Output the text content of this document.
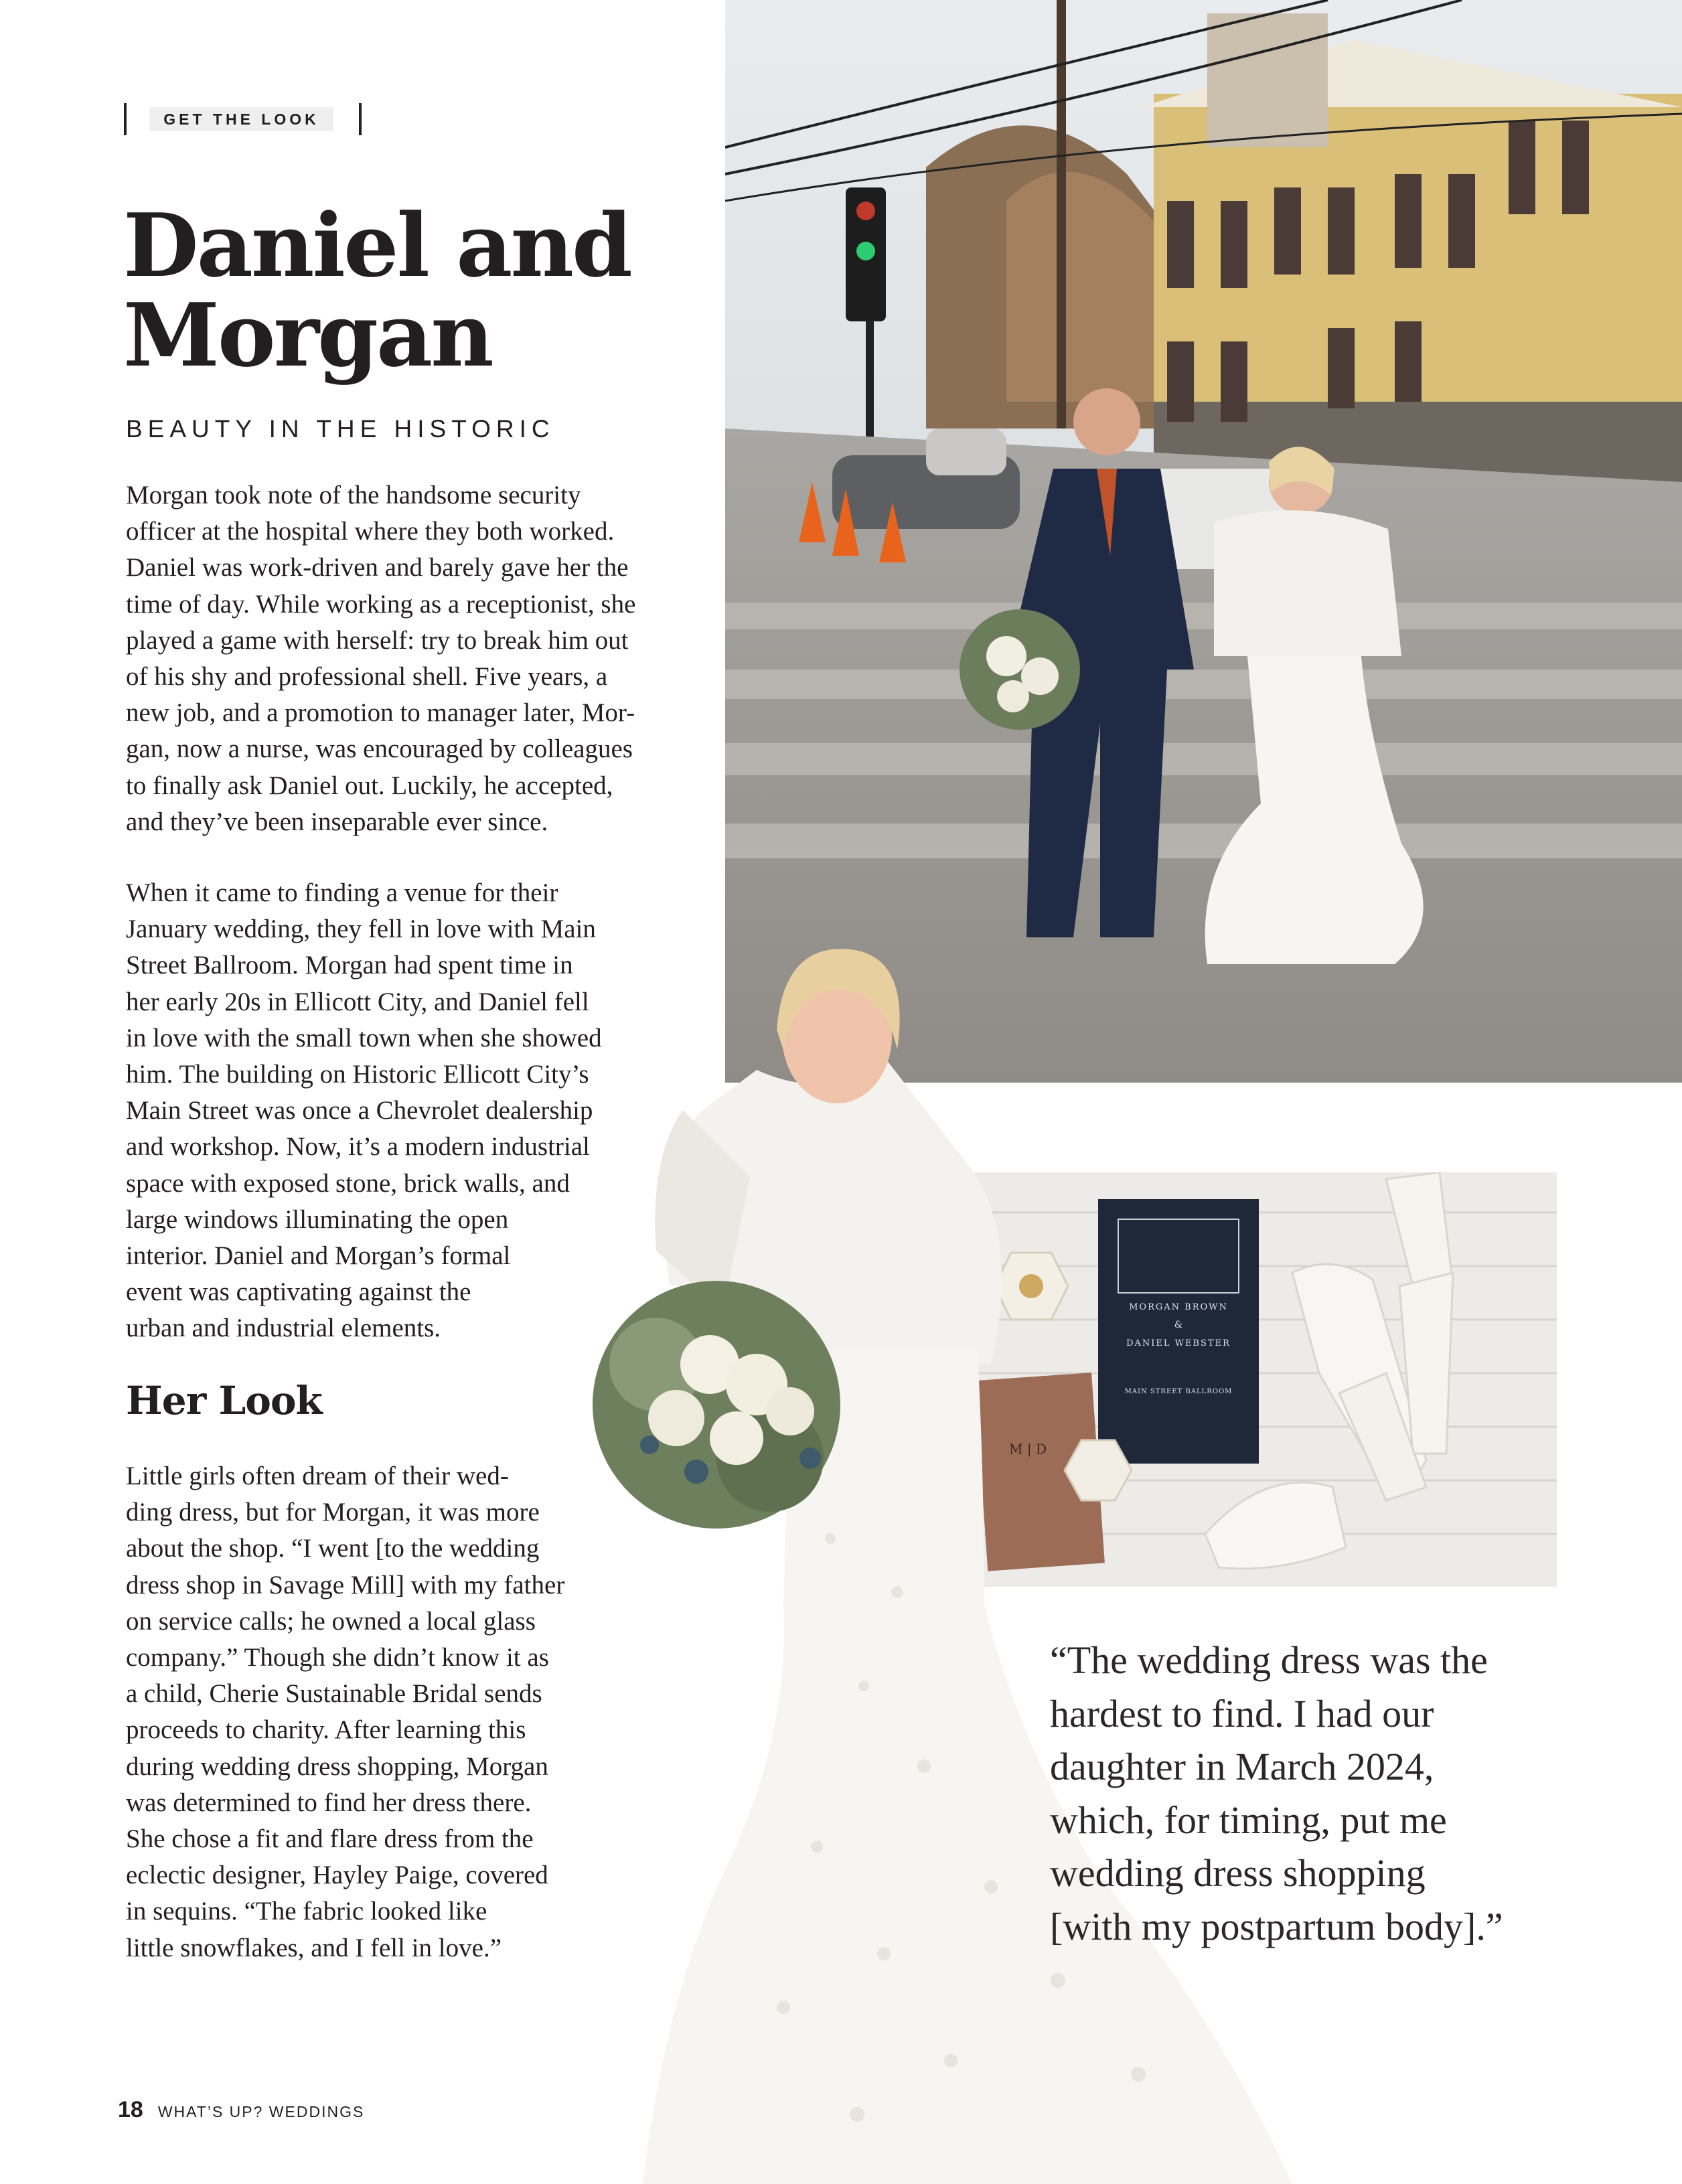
GET THE LOOK
Daniel and Morgan
BEAUTY IN THE HISTORIC

Morgan took note of the handsome security
officer at the hospital where they both worked.
Daniel was work-driven and barely gave her the
time of day. While working as a receptionist, she
played a game with herself: try to break him out
of his shy and professional shell. Five years, a
new job, and a promotion to manager later, Mor-
gan, now a nurse, was encouraged by colleagues
to finally ask Daniel out. Luckily, he accepted,
and they’ve been inseparable ever since.

When it came to finding a venue for their
January wedding, they fell in love with Main
Street Ballroom. Morgan had spent time in
her early 20s in Ellicott City, and Daniel fell
in love with the small town when she showed
him. The building on Historic Ellicott City’s
Main Street was once a Chevrolet dealership
and workshop. Now, it’s a modern industrial
space with exposed stone, brick walls, and
large windows illuminating the open
interior. Daniel and Morgan’s formal
event was captivating against the
urban and industrial elements.

Her Look

Little girls often dream of their wed-
ding dress, but for Morgan, it was more
about the shop. “I went [to the wedding
dress shop in Savage Mill] with my father
on service calls; he owned a local glass
company.” Though she didn’t know it as
a child, Cherie Sustainable Bridal sends
proceeds to charity. After learning this
during wedding dress shopping, Morgan
was determined to find her dress there.
She chose a fit and flare dress from the
eclectic designer, Hayley Paige, covered
in sequins. “The fabric looked like
little snowflakes, and I fell in love.”

MORGAN BROWN
&
DANIEL WEBSTER
MAIN STREET BALLROOM
M | D

“The wedding dress was the
hardest to find. I had our
daughter in March 2024,
which, for timing, put me
wedding dress shopping
[with my postpartum body].”

18 WHAT’S UP? WEDDINGS
